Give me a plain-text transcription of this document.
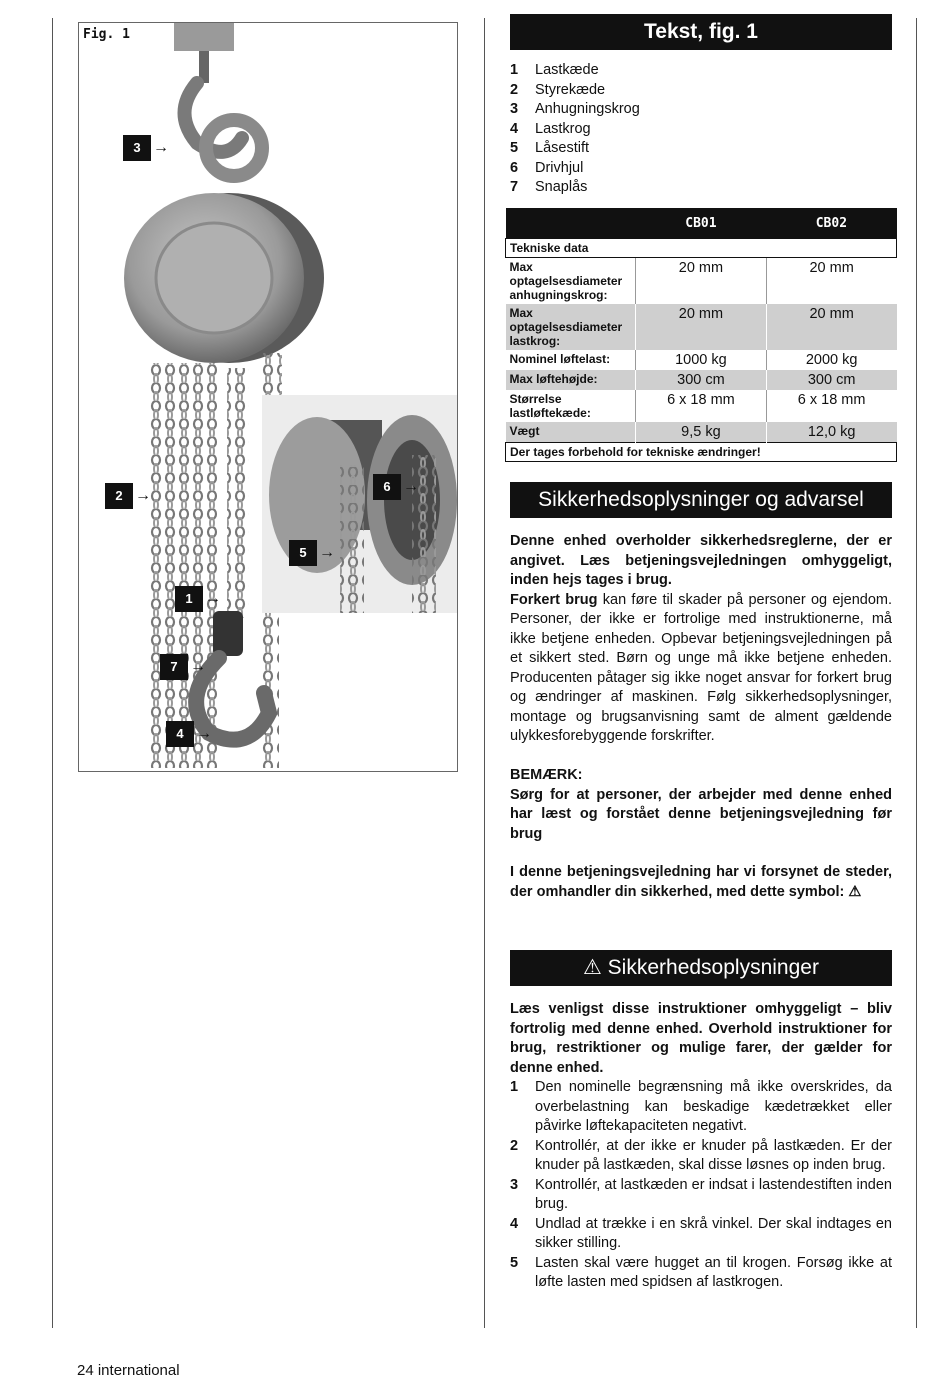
Fig. 1
3 →
2 →
6 →
5 →
1 →
7 →
4 →
Tekst, fig. 1
1	Lastkæde
2	Styrekæde
3	Anhugningskrog
4	Lastkrog
5	Låsestift
6	Drivhjul
7	Snaplås
	CB01	CB02
Tekniske data		
Max optagelsesdiameter anhugningskrog:	20 mm	20 mm
Max optagelsesdiameter lastkrog:	20 mm	20 mm
Nominel løftelast:	1000 kg	2000 kg
Max løftehøjde:	300 cm	300 cm
Størrelse lastløftekæde:	6 x 18 mm	6 x 18 mm
Vægt	9,5 kg	12,0 kg
Der tages forbehold for tekniske ændringer!		
Sikkerhedsoplysninger og advarsel
Denne enhed overholder sikkerhedsreglerne, der er angivet. Læs betjeningsvejledningen omhyggeligt, inden hejs tages i brug.
Forkert brug kan føre til skader på personer og ejendom. Personer, der ikke er fortrolige med instruktionerne, må ikke betjene enheden. Opbevar betjeningsvejledningen på et sikkert sted. Børn og unge må ikke betjene enheden. Producenten påtager sig ikke noget ansvar for forkert brug og ændringer af maskinen. Følg sikkerhedsoplysninger, montage og brugsanvisning samt de alment gældende ulykkesforebyggende forskrifter.
BEMÆRK:
Sørg for at personer, der arbejder med denne enhed har læst og forstået denne betjeningsvejledning før brug
I denne betjeningsvejledning har vi forsynet de steder, der omhandler din sikkerhed, med dette symbol: ⚠
⚠ Sikkerhedsoplysninger
Læs venligst disse instruktioner omhyggeligt – bliv fortrolig med denne enhed. Overhold instruktioner for brug, restriktioner og mulige farer, der gælder for denne enhed.
1	Den nominelle begrænsning må ikke overskrides, da overbelastning kan beskadige kædetrækket eller påvirke løftekapaciteten negativt.
2	Kontrollér, at der ikke er knuder på lastkæden. Er der knuder på lastkæden, skal disse løsnes op inden brug.
3	Kontrollér, at lastkæden er indsat i lastendestiften inden brug.
4	Undlad at trække i en skrå vinkel. Der skal indtages en sikker stilling.
5	Lasten skal være hugget an til krogen. Forsøg ikke at løfte lasten med spidsen af lastkrogen.
24 international
